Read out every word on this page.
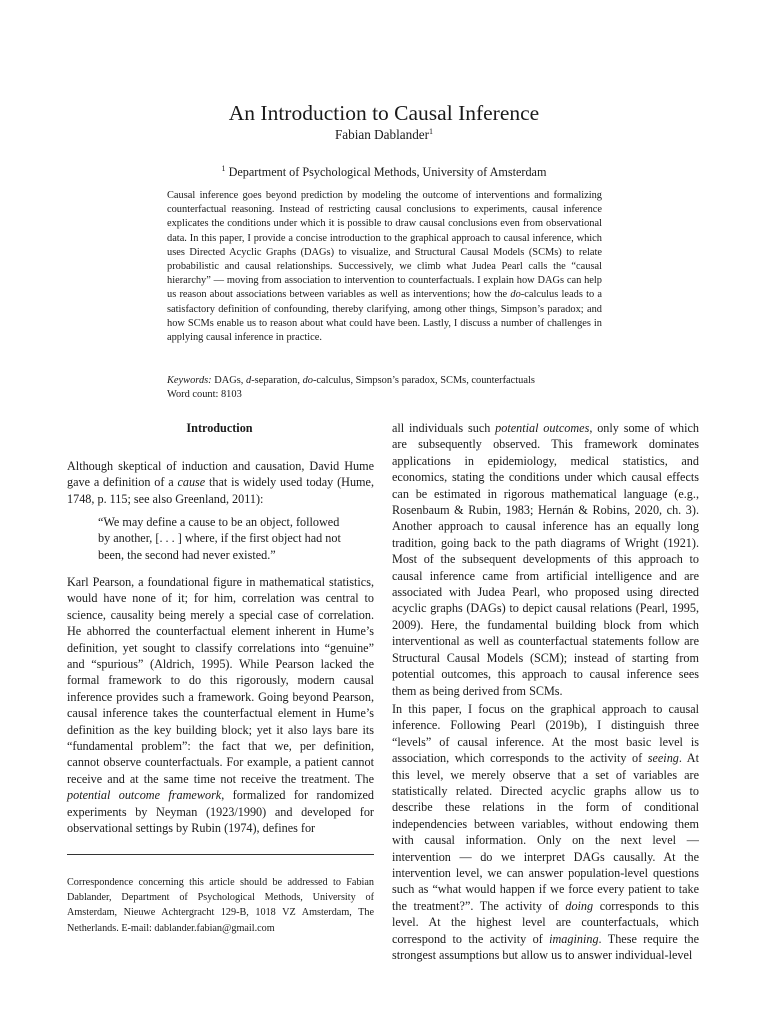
An Introduction to Causal Inference
Fabian Dablander$^1$
$^1$ Department of Psychological Methods, University of Amsterdam

Causal inference goes beyond prediction by modeling the outcome of interventions and formalizing counterfactual reasoning. Instead of restricting causal conclusions to experiments, causal inference explicates the conditions under which it is possible to draw causal conclusions even from observational data. In this paper, I provide a concise introduction to the graphical approach to causal inference, which uses Directed Acyclic Graphs (DAGs) to visualize, and Structural Causal Models (SCMs) to relate probabilistic and causal relationships. Successively, we climb what Judea Pearl calls the “causal hierarchy” — moving from association to intervention to counterfactuals. I explain how DAGs can help us reason about associations between variables as well as interventions; how the do-calculus leads to a satisfactory definition of confounding, thereby clarifying, among other things, Simpson’s paradox; and how SCMs enable us to reason about what could have been. Lastly, I discuss a number of challenges in applying causal inference in practice.

Keywords: DAGs, d-separation, do-calculus, Simpson’s paradox, SCMs, counterfactuals

Word count: 8103

Introduction

Although skeptical of induction and causation, David Hume gave a definition of a cause that is widely used today (Hume, 1748, p. 115; see also Greenland, 2011):

“We may define a cause to be an object, followed by another, [. . . ] where, if the first object had not been, the second had never existed.”

Karl Pearson, a foundational figure in mathematical statistics, would have none of it; for him, correlation was central to science, causality being merely a special case of correlation. He abhorred the counterfactual element inherent in Hume’s definition, yet sought to classify correlations into “genuine” and “spurious” (Aldrich, 1995). While Pearson lacked the formal framework to do this rigorously, modern causal inference provides such a framework. Going beyond Pearson, causal inference takes the counterfactual element in Hume’s definition as the key building block; yet it also lays bare its “fundamental problem”: the fact that we, per definition, cannot observe counterfactuals. For example, a patient cannot receive and at the same time not receive the treatment. The potential outcome framework, formalized for randomized experiments by Neyman (1923/1990) and developed for observational settings by Rubin (1974), defines for

Correspondence concerning this article should be addressed to Fabian Dablander, Department of Psychological Methods, University of Amsterdam, Nieuwe Achtergracht 129-B, 1018 VZ Amsterdam, The Netherlands. E-mail: dablander.fabian@gmail.com

all individuals such potential outcomes, only some of which are subsequently observed. This framework dominates applications in epidemiology, medical statistics, and economics, stating the conditions under which causal effects can be estimated in rigorous mathematical language (e.g., Rosenbaum & Rubin, 1983; Hernán & Robins, 2020, ch. 3). Another approach to causal inference has an equally long tradition, going back to the path diagrams of Wright (1921). Most of the subsequent developments of this approach to causal inference came from artificial intelligence and are associated with Judea Pearl, who proposed using directed acyclic graphs (DAGs) to depict causal relations (Pearl, 1995, 2009). Here, the fundamental building block from which interventional as well as counterfactual statements follow are Structural Causal Models (SCM); instead of starting from potential outcomes, this approach to causal inference sees them as being derived from SCMs.

In this paper, I focus on the graphical approach to causal inference. Following Pearl (2019b), I distinguish three “levels” of causal inference. At the most basic level is association, which corresponds to the activity of seeing. At this level, we merely observe that a set of variables are statistically related. Directed acyclic graphs allow us to describe these relations in the form of conditional independencies between variables, without endowing them with causal information. Only on the next level — intervention — do we interpret DAGs causally. At the intervention level, we can answer population-level questions such as “what would happen if we force every patient to take the treatment?”. The activity of doing corresponds to this level. At the highest level are counterfactuals, which correspond to the activity of imagining. These require the strongest assumptions but allow us to answer individual-level
